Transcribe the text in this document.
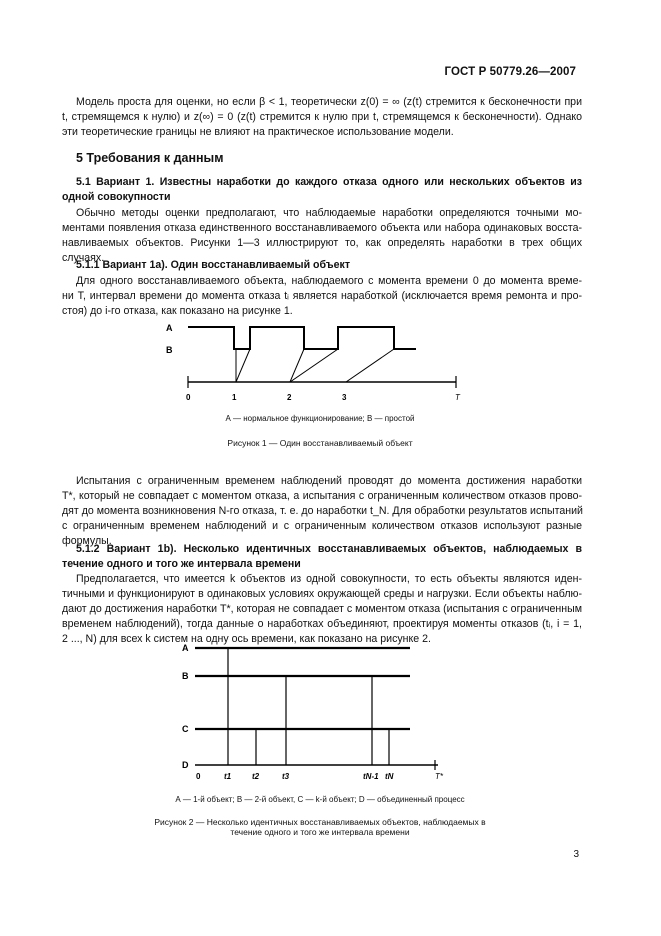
ГОСТ Р 50779.26—2007
Модель проста для оценки, но если β < 1, теоретически z(0) = ∞ (z(t) стремится к бесконечности при
t, стремящемся к нулю) и z(∞) = 0 (z(t) стремится к нулю при t, стремящемся к бесконечности). Однако
эти теоретические границы не влияют на практическое использование модели.
5 Требования к данным
5.1 Вариант 1. Известны наработки до каждого отказа одного или нескольких объектов из
одной совокупности
Обычно методы оценки предполагают, что наблюдаемые наработки определяются точными мо-
ментами появления отказа единственного восстанавливаемого объекта или набора одинаковых восста-
навливаемых объектов. Рисунки 1—3 иллюстрируют то, как определять наработки в трех общих
случаях.
5.1.1 Вариант 1а). Один восстанавливаемый объект
Для одного восстанавливаемого объекта, наблюдаемого с момента времени 0 до момента време-
ни T, интервал времени до момента отказа tᵢ является наработкой (исключается время ремонта и про-
стоя) до i-го отказа, как показано на рисунке 1.
A
B
0	1	2	3	T
А — нормальное функционирование; В — простой
Рисунок 1 — Один восстанавливаемый объект
Испытания с ограниченным временем наблюдений проводят до момента достижения наработки
T*, который не совпадает с моментом отказа, а испытания с ограниченным количеством отказов прово-
дят до момента возникновения N-го отказа, т. е. до наработки t_N. Для обработки результатов испытаний
с ограниченным временем наблюдений и с ограниченным количеством отказов используют разные
формулы.
5.1.2 Вариант 1b). Несколько идентичных восстанавливаемых объектов, наблюдаемых в
течение одного и того же интервала времени
Предполагается, что имеется k объектов из одной совокупности, то есть объекты являются иден-
тичными и функционируют в одинаковых условиях окружающей среды и нагрузки. Если объекты наблю-
дают до достижения наработки T*, которая не совпадает с моментом отказа (испытания с ограниченным
временем наблюдений), тогда данные о наработках объединяют, проектируя моменты отказов (tᵢ, i = 1,
2 ..., N) для всех k систем на одну ось времени, как показано на рисунке 2.
A
B
C
D
0	t1	t2	t3	tN-1 tN	T*
А — 1-й объект; В — 2-й объект, С — k-й объект; D — объединенный процесс
Рисунок 2 — Несколько идентичных восстанавливаемых объектов, наблюдаемых в
течение одного и того же интервала времени
3
